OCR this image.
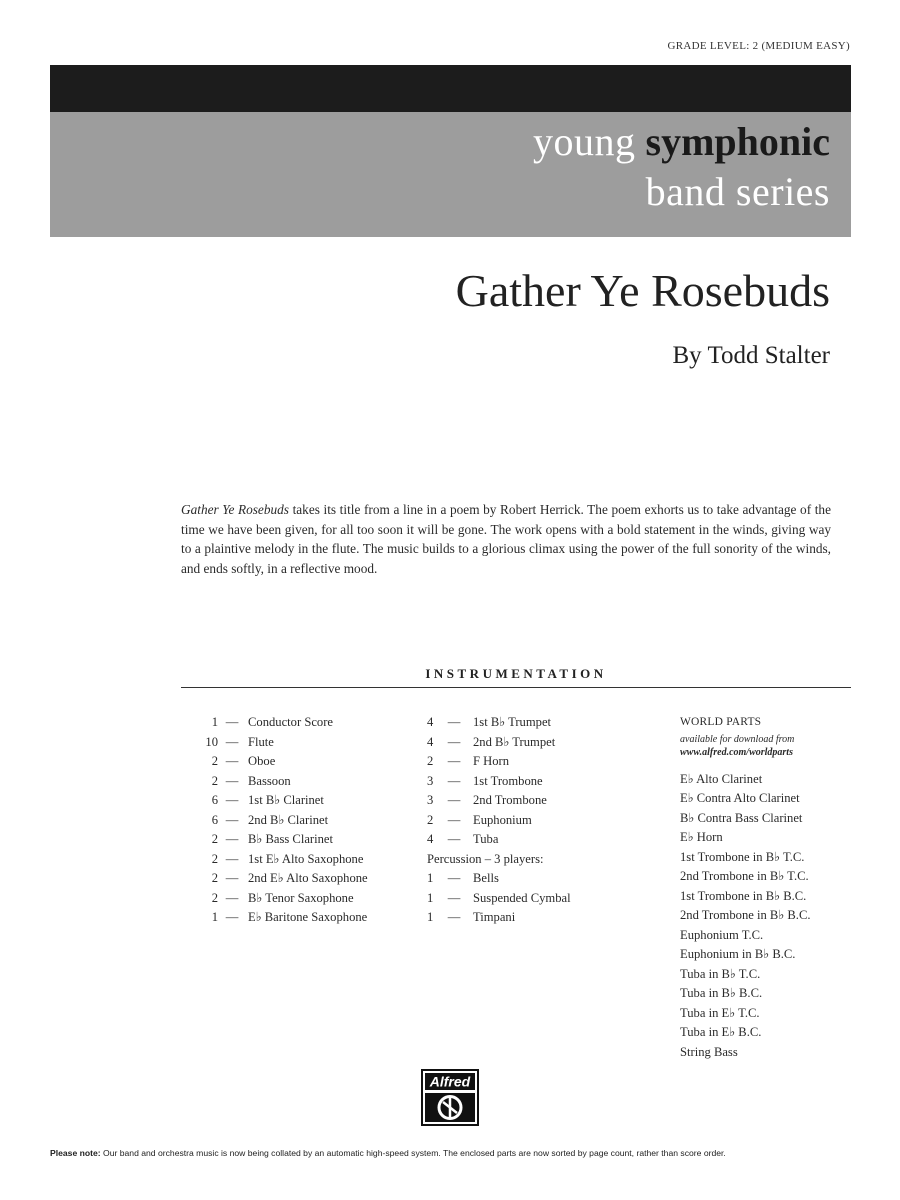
GRADE LEVEL: 2 (MEDIUM EASY)
young symphonic
band series
Gather Ye Rosebuds
By Todd Stalter
Gather Ye Rosebuds takes its title from a line in a poem by Robert Herrick. The poem exhorts us to take advantage of the time we have been given, for all too soon it will be gone. The work opens with a bold statement in the winds, giving way to a plaintive melody in the flute. The music builds to a glorious climax using the power of the full sonority of the winds, and ends softly, in a reflective mood.
INSTRUMENTATION
1 — Conductor Score
10 — Flute
2 — Oboe
2 — Bassoon
6 — 1st B♭ Clarinet
6 — 2nd B♭ Clarinet
2 — B♭ Bass Clarinet
2 — 1st E♭ Alto Saxophone
2 — 2nd E♭ Alto Saxophone
2 — B♭ Tenor Saxophone
1 — E♭ Baritone Saxophone
4	—	1st B♭ Trumpet
4	—	2nd B♭ Trumpet
2	—	F Horn
3	—	1st Trombone
3	—	2nd Trombone
2	—	Euphonium
4	—	Tuba
Percussion – 3 players:
1	—	Bells
1	—	Suspended Cymbal
1	—	Timpani
WORLD PARTS
available for download from
www.alfred.com/worldparts
E♭ Alto Clarinet
E♭ Contra Alto Clarinet
B♭ Contra Bass Clarinet
E♭ Horn
1st Trombone in B♭ T.C.
2nd Trombone in B♭ T.C.
1st Trombone in B♭ B.C.
2nd Trombone in B♭ B.C.
Euphonium T.C.
Euphonium in B♭ B.C.
Tuba in B♭ T.C.
Tuba in B♭ B.C.
Tuba in E♭ T.C.
Tuba in E♭ B.C.
String Bass
Alfred
Please note: Our band and orchestra music is now being collated by an automatic high-speed system. The enclosed parts are now sorted by page count, rather than score order.
